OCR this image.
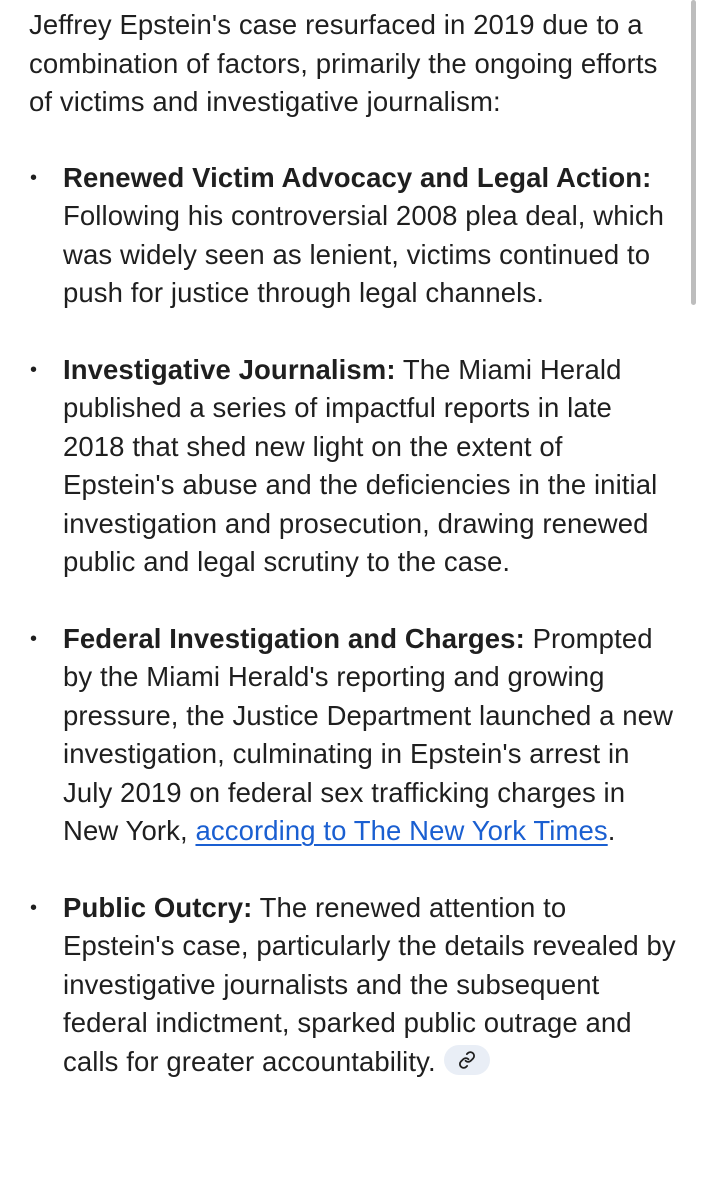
Jeffrey Epstein's case resurfaced in 2019 due to a combination of factors, primarily the ongoing efforts of victims and investigative journalism:

• Renewed Victim Advocacy and Legal Action: Following his controversial 2008 plea deal, which was widely seen as lenient, victims continued to push for justice through legal channels.
• Investigative Journalism: The Miami Herald published a series of impactful reports in late 2018 that shed new light on the extent of Epstein's abuse and the deficiencies in the initial investigation and prosecution, drawing renewed public and legal scrutiny to the case.
• Federal Investigation and Charges: Prompted by the Miami Herald's reporting and growing pressure, the Justice Department launched a new investigation, culminating in Epstein's arrest in July 2019 on federal sex trafficking charges in New York, according to The New York Times.
• Public Outcry: The renewed attention to Epstein's case, particularly the details revealed by investigative journalists and the subsequent federal indictment, sparked public outrage and calls for greater accountability.
